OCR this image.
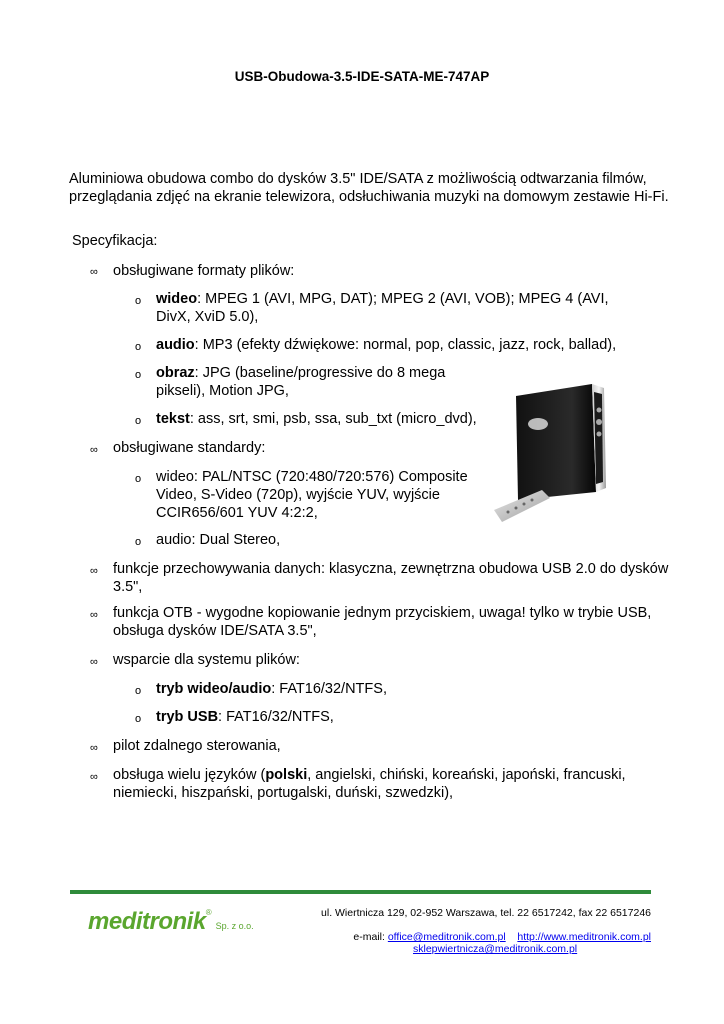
USB-Obudowa-3.5-IDE-SATA-ME-747AP
Aluminiowa obudowa combo do dysków 3.5" IDE/SATA z możliwością odtwarzania filmów, przeglądania zdjęć na ekranie telewizora, odsłuchiwania muzyki na domowym zestawie Hi-Fi.
Specyfikacja:
∞ obsługiwane formaty plików:
o wideo: MPEG 1 (AVI, MPG, DAT); MPEG 2 (AVI, VOB); MPEG 4 (AVI, DivX, XviD 5.0),
o audio: MP3 (efekty dźwiękowe: normal, pop, classic, jazz, rock, ballad),
o obraz: JPG (baseline/progressive do 8 mega pikseli), Motion JPG,
o tekst: ass, srt, smi, psb, ssa, sub_txt (micro_dvd),
∞ obsługiwane standardy:
o wideo: PAL/NTSC (720:480/720:576) Composite Video, S-Video (720p), wyjście YUV, wyjście CCIR656/601 YUV 4:2:2,
o audio: Dual Stereo,
∞ funkcje przechowywania danych: klasyczna, zewnętrzna obudowa USB 2.0 do dysków 3.5",
∞ funkcja OTB - wygodne kopiowanie jednym przyciskiem, uwaga! tylko w trybie USB, obsługa dysków IDE/SATA 3.5",
∞ wsparcie dla systemu plików:
o tryb wideo/audio: FAT16/32/NTFS,
o tryb USB: FAT16/32/NTFS,
∞ pilot zdalnego sterowania,
∞ obsługa wielu języków (polski, angielski, chiński, koreański, japoński, francuski, niemiecki, hiszpański, portugalski, duński, szwedzki),
meditronik®Sp. z o.o.
ul. Wiertnicza 129, 02-952 Warszawa, tel. 22 6517242, fax 22 6517246
e-mail: office@meditronik.com.pl http://www.meditronik.com.pl
sklepwiertnicza@meditronik.com.pl
